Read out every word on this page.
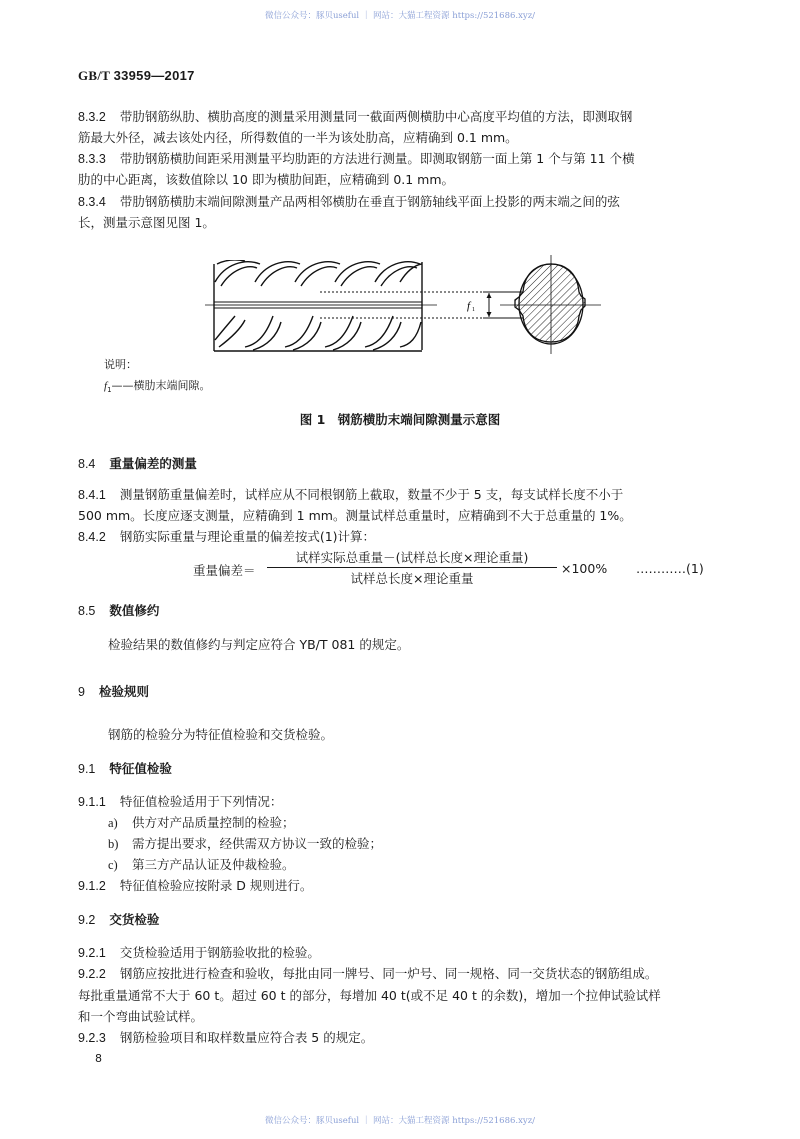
微信公众号：豚贝useful ｜ 网站：大猫工程资源 https://521686.xyz/
GB/T 33959—2017
8.3.2 带肋钢筋纵肋、横肋高度的测量采用测量同一截面两侧横肋中心高度平均值的方法，即测取钢
筋最大外径，减去该处内径，所得数值的一半为该处肋高，应精确到 0.1 mm。
8.3.3 带肋钢筋横肋间距采用测量平均肋距的方法进行测量。即测取钢筋一面上第 1 个与第 11 个横
肋的中心距离，该数值除以 10 即为横肋间距，应精确到 0.1 mm。
8.3.4 带肋钢筋横肋末端间隙测量产品两相邻横肋在垂直于钢筋轴线平面上投影的两末端之间的弦
长，测量示意图见图 1。
f 1
说明：
$f_1——$横肋末端间隙。
图 1　钢筋横肋末端间隙测量示意图
8.4 重量偏差的测量
8.4.1 测量钢筋重量偏差时，试样应从不同根钢筋上截取，数量不少于 5 支，每支试样长度不小于
500 mm。长度应逐支测量，应精确到 1 mm。测量试样总重量时，应精确到不大于总重量的 1%。
8.4.2 钢筋实际重量与理论重量的偏差按式(1)计算：
重量偏差＝
试样实际总重量－(试样总长度×理论重量)
试样总长度×理论重量
×100% …………(1)
8.5 数值修约
检验结果的数值修约与判定应符合 YB/T 081 的规定。
9 检验规则
钢筋的检验分为特征值检验和交货检验。
9.1 特征值检验
9.1.1 特征值检验适用于下列情况：
a) 供方对产品质量控制的检验；
b) 需方提出要求，经供需双方协议一致的检验；
c) 第三方产品认证及仲裁检验。
9.1.2 特征值检验应按附录 D 规则进行。
9.2 交货检验
9.2.1 交货检验适用于钢筋验收批的检验。
9.2.2 钢筋应按批进行检查和验收，每批由同一牌号、同一炉号、同一规格、同一交货状态的钢筋组成。
每批重量通常不大于 60 t。超过 60 t 的部分，每增加 40 t(或不足 40 t 的余数)，增加一个拉伸试验试样
和一个弯曲试验试样。
9.2.3 钢筋检验项目和取样数量应符合表 5 的规定。
8
微信公众号：豚贝useful ｜ 网站：大猫工程资源 https://521686.xyz/
